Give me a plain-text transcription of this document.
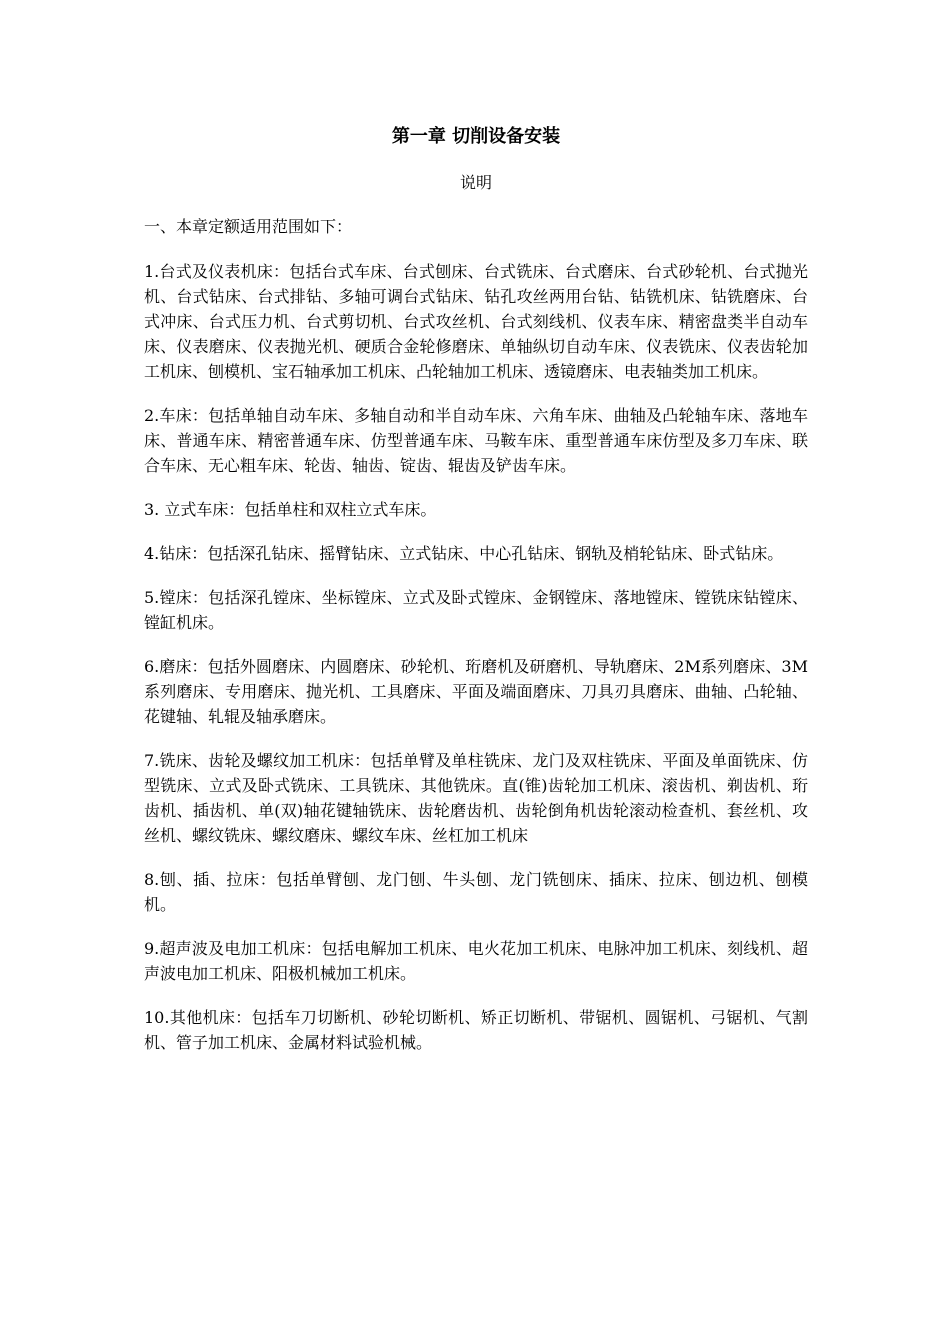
第一章 切削设备安装

说明

一、本章定额适用范围如下：

1.台式及仪表机床：包括台式车床、台式刨床、台式铣床、台式磨床、台式砂轮机、台式抛光机、台式钻床、台式排钻、多轴可调台式钻床、钻孔攻丝两用台钻、钻铣机床、钻铣磨床、台式冲床、台式压力机、台式剪切机、台式攻丝机、台式刻线机、仪表车床、精密盘类半自动车床、仪表磨床、仪表抛光机、硬质合金轮修磨床、单轴纵切自动车床、仪表铣床、仪表齿轮加工机床、刨模机、宝石轴承加工机床、凸轮轴加工机床、透镜磨床、电表轴类加工机床。
2.车床：包括单轴自动车床、多轴自动和半自动车床、六角车床、曲轴及凸轮轴车床、落地车床、普通车床、精密普通车床、仿型普通车床、马鞍车床、重型普通车床仿型及多刀车床、联合车床、无心粗车床、轮齿、轴齿、锭齿、辊齿及铲齿车床。
3. 立式车床：包括单柱和双柱立式车床。
4.钻床：包括深孔钻床、摇臂钻床、立式钻床、中心孔钻床、钢轨及梢轮钻床、卧式钻床。
5.镗床：包括深孔镗床、坐标镗床、立式及卧式镗床、金钢镗床、落地镗床、镗铣床钻镗床、镗缸机床。
6.磨床：包括外圆磨床、内圆磨床、砂轮机、珩磨机及研磨机、导轨磨床、2M系列磨床、3M系列磨床、专用磨床、抛光机、工具磨床、平面及端面磨床、刀具刃具磨床、曲轴、凸轮轴、花键轴、轧辊及轴承磨床。
7.铣床、齿轮及螺纹加工机床：包括单臂及单柱铣床、龙门及双柱铣床、平面及单面铣床、仿型铣床、立式及卧式铣床、工具铣床、其他铣床。直(锥)齿轮加工机床、滚齿机、剃齿机、珩齿机、插齿机、单(双)轴花键轴铣床、齿轮磨齿机、齿轮倒角机齿轮滚动检查机、套丝机、攻丝机、螺纹铣床、螺纹磨床、螺纹车床、丝杠加工机床
8.刨、插、拉床：包括单臂刨、龙门刨、牛头刨、龙门铣刨床、插床、拉床、刨边机、刨模机。
9.超声波及电加工机床：包括电解加工机床、电火花加工机床、电脉冲加工机床、刻线机、超声波电加工机床、阳极机械加工机床。
10.其他机床：包括车刀切断机、砂轮切断机、矫正切断机、带锯机、圆锯机、弓锯机、气割机、管子加工机床、金属材料试验机械。
